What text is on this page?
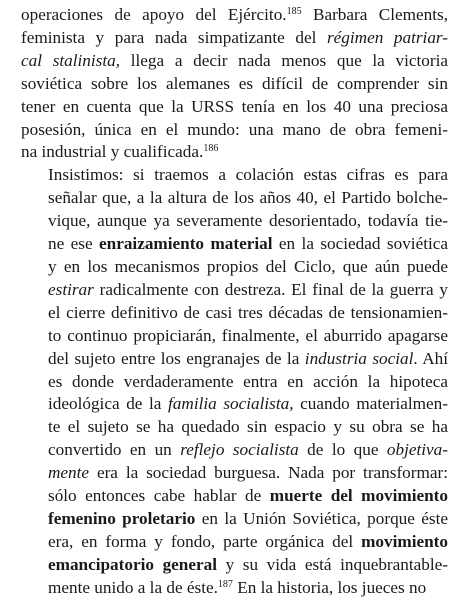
operaciones de apoyo del Ejército.$^{185}$ Barbara Clements,
feminista y para nada simpatizante del régimen patriar-
cal stalinista, llega a decir nada menos que la victoria
soviética sobre los alemanes es difícil de comprender sin
tener en cuenta que la URSS tenía en los 40 una preciosa
posesión, única en el mundo: una mano de obra femeni-
na industrial y cualificada.$^{186}$
Insistimos: si traemos a colación estas cifras es para
señalar que, a la altura de los años 40, el Partido bolche-
vique, aunque ya severamente desorientado, todavía tie-
ne ese enraizamiento material en la sociedad soviética
y en los mecanismos propios del Ciclo, que aún puede
estirar radicalmente con destreza. El final de la guerra y
el cierre definitivo de casi tres décadas de tensionamien-
to continuo propiciarán, finalmente, el aburrido apagarse
del sujeto entre los engranajes de la industria social. Ahí
es donde verdaderamente entra en acción la hipoteca
ideológica de la familia socialista, cuando materialmen-
te el sujeto se ha quedado sin espacio y su obra se ha
convertido en un reflejo socialista de lo que objetiva-
mente era la sociedad burguesa. Nada por transformar:
sólo entonces cabe hablar de muerte del movimiento
femenino proletario en la Unión Soviética, porque éste
era, en forma y fondo, parte orgánica del movimiento
emancipatorio general y su vida está inquebrantable-
mente unido a la de éste.$^{187}$ En la historia, los jueces no
